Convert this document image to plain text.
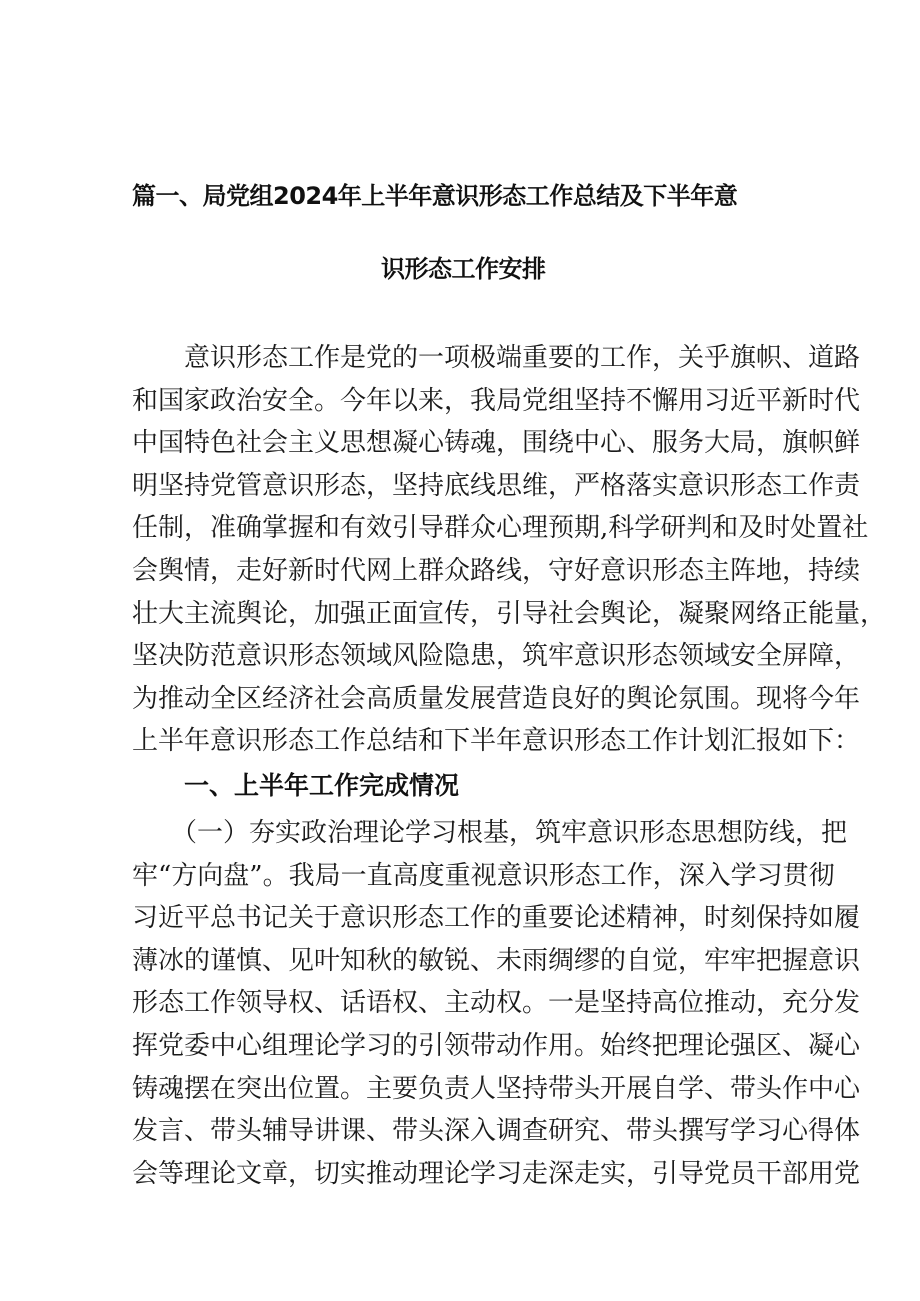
篇一、局党组2024年上半年意识形态工作总结及下半年意
识形态工作安排
　　意识形态工作是党的一项极端重要的工作，关乎旗帜、道路
和国家政治安全。今年以来，我局党组坚持不懈用习近平新时代
中国特色社会主义思想凝心铸魂，围绕中心、服务大局，旗帜鲜
明坚持党管意识形态，坚持底线思维，严格落实意识形态工作责
任制，准确掌握和有效引导群众心理预期,科学研判和及时处置社
会舆情，走好新时代网上群众路线，守好意识形态主阵地，持续
壮大主流舆论，加强正面宣传，引导社会舆论，凝聚网络正能量，
坚决防范意识形态领域风险隐患，筑牢意识形态领域安全屏障，
为推动全区经济社会高质量发展营造良好的舆论氛围。现将今年
上半年意识形态工作总结和下半年意识形态工作计划汇报如下：
一、上半年工作完成情况
　　（一）夯实政治理论学习根基，筑牢意识形态思想防线，把
牢“方向盘”。我局一直高度重视意识形态工作，深入学习贯彻
习近平总书记关于意识形态工作的重要论述精神，时刻保持如履
薄冰的谨慎、见叶知秋的敏锐、未雨绸缪的自觉，牢牢把握意识
形态工作领导权、话语权、主动权。一是坚持高位推动，充分发
挥党委中心组理论学习的引领带动作用。始终把理论强区、凝心
铸魂摆在突出位置。主要负责人坚持带头开展自学、带头作中心
发言、带头辅导讲课、带头深入调查研究、带头撰写学习心得体
会等理论文章，切实推动理论学习走深走实，引导党员干部用党
